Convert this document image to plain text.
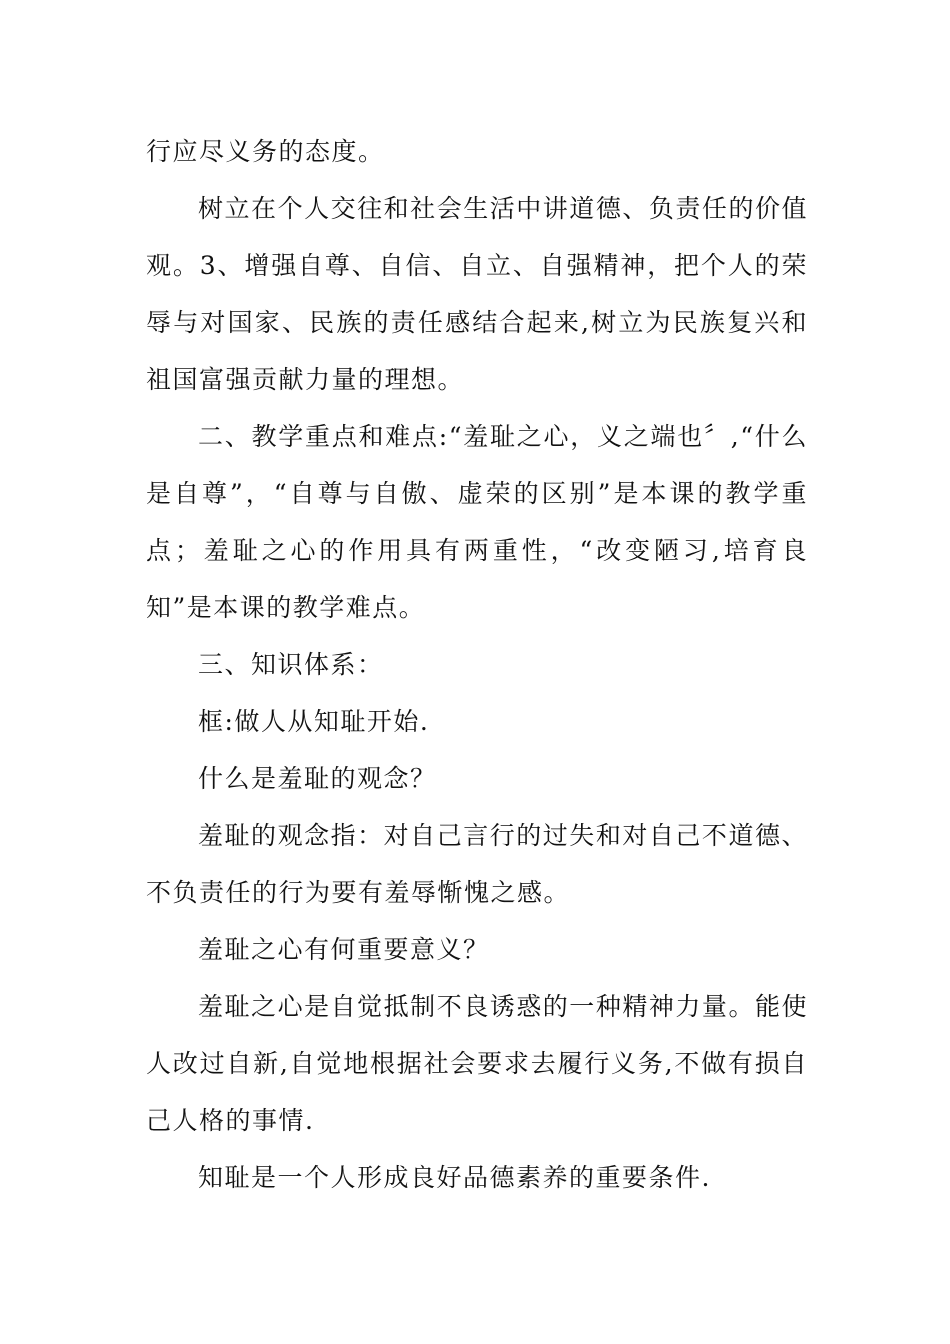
行应尽义务的态度。

树立在个人交往和社会生活中讲道德、负责任的价值观。3、增强自尊、自信、自立、自强精神，把个人的荣辱与对国家、民族的责任感结合起来,树立为民族复兴和祖国富强贡献力量的理想。

二、教学重点和难点:“羞耻之心，义之端也〞,“什么是自尊”，“自尊与自傲、虚荣的区别”是本课的教学重点；羞耻之心的作用具有两重性，“改变陋习,培育良知”是本课的教学难点。

三、知识体系：

框:做人从知耻开始.

什么是羞耻的观念？

羞耻的观念指：对自己言行的过失和对自己不道德、不负责任的行为要有羞辱惭愧之感。

羞耻之心有何重要意义？

羞耻之心是自觉抵制不良诱惑的一种精神力量。能使人改过自新,自觉地根据社会要求去履行义务,不做有损自己人格的事情.

知耻是一个人形成良好品德素养的重要条件.
